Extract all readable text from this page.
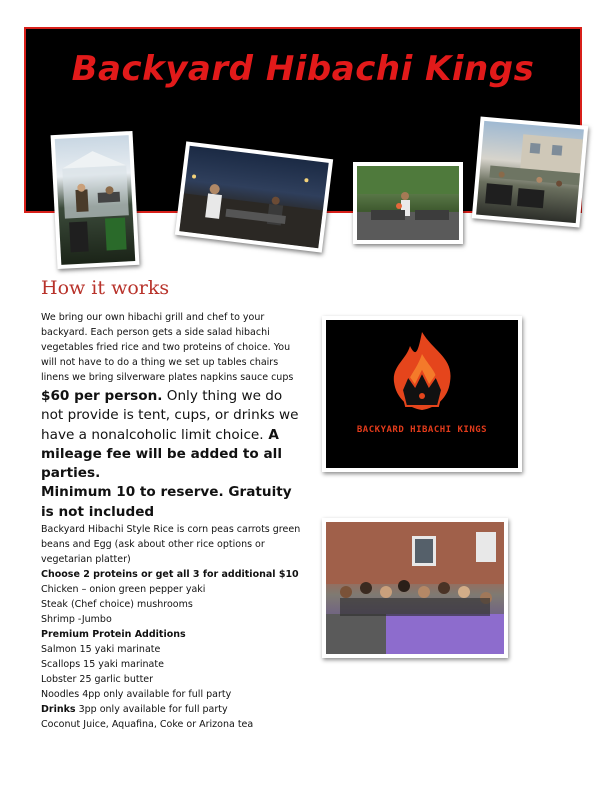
Backyard Hibachi Kings
How it works

We bring our own hibachi grill and chef to your backyard. Each person gets a side salad hibachi vegetables fried rice and two proteins of choice. You will not have to do a thing we set up tables chairs linens we bring silverware plates napkins sauce cups

$60 per person. Only thing we do not provide is tent, cups, or drinks we have a nonalcoholic limit choice. A mileage fee will be added to all parties.

Minimum 10 to reserve. Gratuity is not included

Backyard Hibachi Style Rice is corn peas carrots green beans and Egg (ask about other rice options or vegetarian platter)

Choose 2 proteins or get all 3 for additional $10

Chicken – onion green pepper yaki

Steak (Chef choice) mushrooms

Shrimp -Jumbo

Premium Protein Additions

Salmon 15 yaki marinate

Scallops 15 yaki marinate

Lobster 25 garlic butter

Noodles 4pp only available for full party

Drinks 3pp only available for full party

Coconut Juice, Aquafina, Coke or Arizona tea

BACKYARD HIBACHI KINGS
